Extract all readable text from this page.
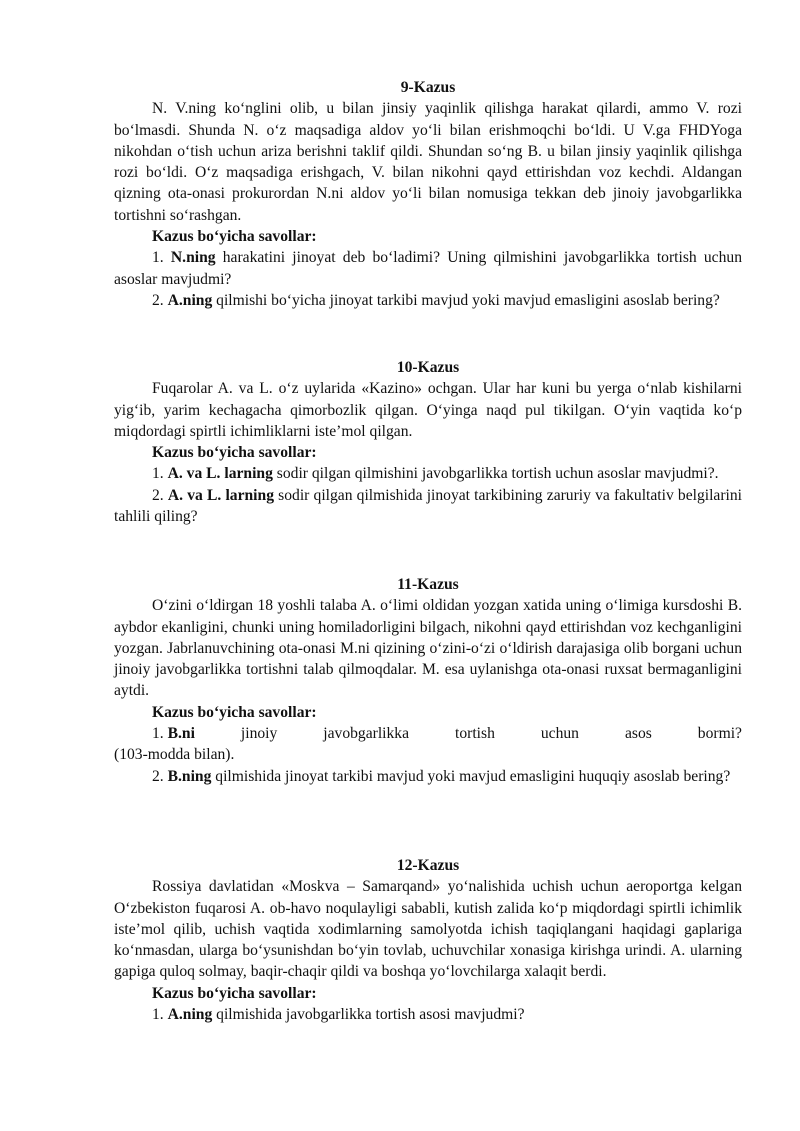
9-Kazus

N. V.ning ko‘nglini olib, u bilan jinsiy yaqinlik qilishga harakat qilardi, ammo V. rozi bo‘lmasdi. Shunda N. o‘z maqsadiga aldov yo‘li bilan erishmoqchi bo‘ldi. U V.ga FHDYoga nikohdan o‘tish uchun ariza berishni taklif qildi. Shundan so‘ng B. u bilan jinsiy yaqinlik qilishga rozi bo‘ldi. O‘z maqsadiga erishgach, V. bilan nikohni qayd ettirishdan voz kechdi. Aldangan qizning ota-onasi prokurordan N.ni aldov yo‘li bilan nomusiga tekkan deb jinoiy javobgarlikka tortishni so‘rashgan.

Kazus bo‘yicha savollar:

1. N.ning harakatini jinoyat deb bo‘ladimi? Uning qilmishini javobgarlikka tortish uchun asoslar mavjudmi?

2. A.ning qilmishi bo‘yicha jinoyat tarkibi mavjud yoki mavjud emasligini asoslab bering?

10-Kazus

Fuqarolar A. va L. o‘z uylarida «Kazino» ochgan. Ular har kuni bu yerga o‘nlab kishilarni yig‘ib, yarim kechagacha qimorbozlik qilgan. O‘yinga naqd pul tikilgan. O‘yin vaqtida ko‘p miqdordagi spirtli ichimliklarni iste’mol qilgan.

Kazus bo‘yicha savollar:

1. A. va L. larning sodir qilgan qilmishini javobgarlikka tortish uchun asoslar mavjudmi?.

2. A. va L. larning sodir qilgan qilmishida jinoyat tarkibining zaruriy va fakultativ belgilarini tahlili qiling?

11-Kazus

O‘zini o‘ldirgan 18 yoshli talaba A. o‘limi oldidan yozgan xatida uning o‘limiga kursdoshi B. aybdor ekanligini, chunki uning homiladorligini bilgach, nikohni qayd ettirishdan voz kechganligini yozgan. Jabrlanuvchining ota-onasi M.ni qizining o‘zini-o‘zi o‘ldirish darajasiga olib borgani uchun jinoiy javobgarlikka tortishni talab qilmoqdalar. M. esa uylanishga ota-onasi ruxsat bermaganligini aytdi.

Kazus bo‘yicha savollar:

1. B.ni	jinoiy	javobgarlikka	tortish	uchun	asos	bormi?

(103-modda bilan).

2. B.ning qilmishida jinoyat tarkibi mavjud yoki mavjud emasligini huquqiy asoslab bering?

12-Kazus

Rossiya davlatidan «Moskva – Samarqand» yo‘nalishida uchish uchun aeroportga kelgan O‘zbekiston fuqarosi A. ob-havo noqulayligi sababli, kutish zalida ko‘p miqdordagi spirtli ichimlik iste’mol qilib, uchish vaqtida xodimlarning samolyotda ichish taqiqlangani haqidagi gaplariga ko‘nmasdan, ularga bo‘ysunishdan bo‘yin tovlab, uchuvchilar xonasiga kirishga urindi. A. ularning gapiga quloq solmay, baqir-chaqir qildi va boshqa yo‘lovchilarga xalaqit berdi.

Kazus bo‘yicha savollar:

1. A.ning qilmishida javobgarlikka tortish asosi mavjudmi?
